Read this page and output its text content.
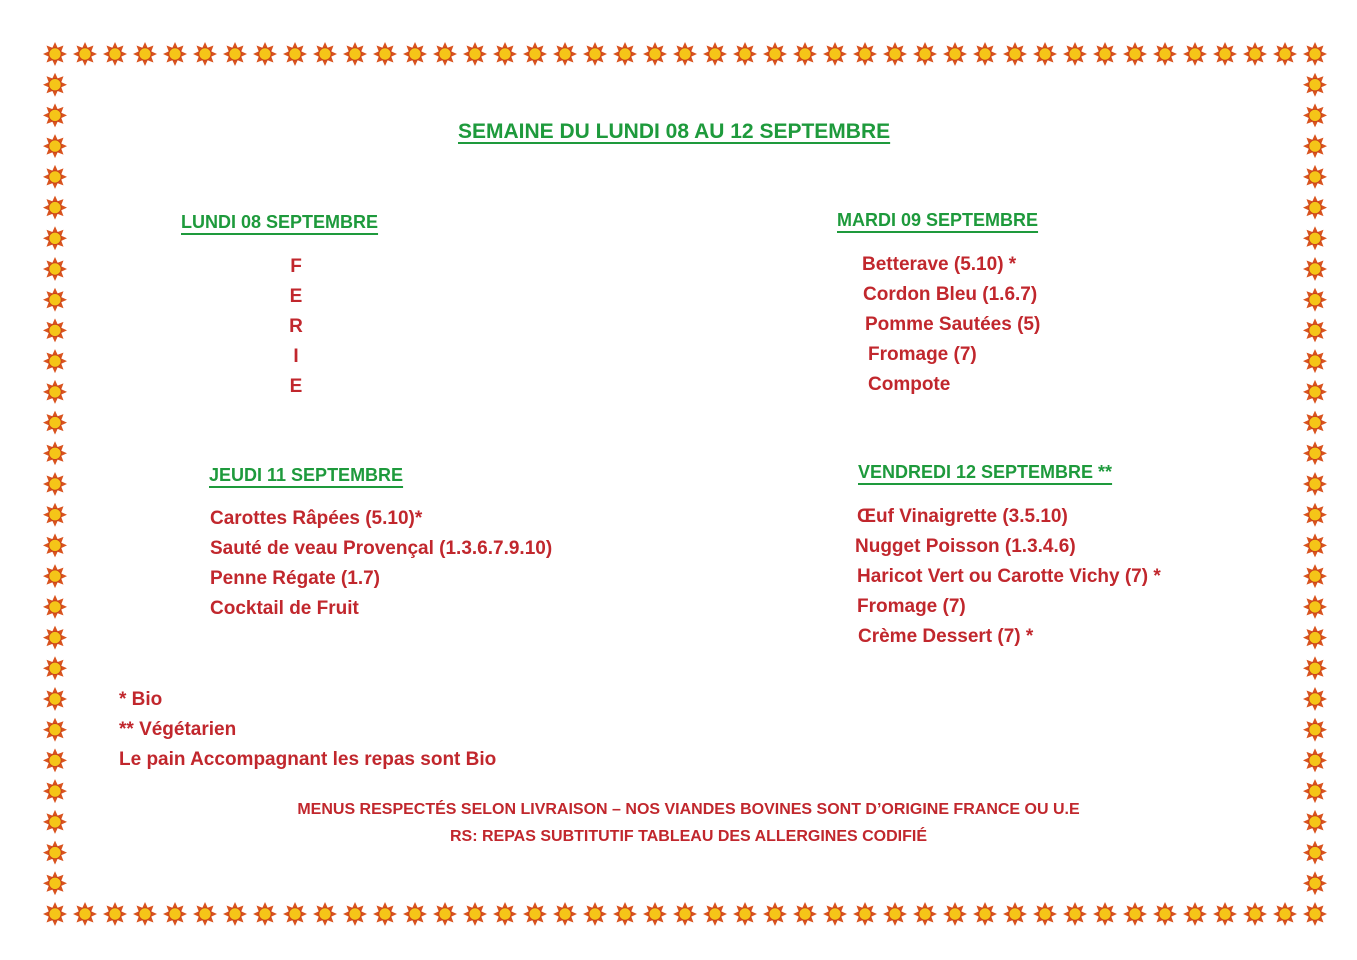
SEMAINE DU LUNDI 08 AU 12 SEPTEMBRE
LUNDI 08 SEPTEMBRE
F
E
R
I
E
MARDI 09 SEPTEMBRE
Betterave (5.10) *
Cordon Bleu (1.6.7)
Pomme Sautées (5)
Fromage (7)
Compote
JEUDI 11 SEPTEMBRE
Carottes Râpées (5.10)*
Sauté de veau Provençal (1.3.6.7.9.10)
Penne Régate (1.7)
Cocktail de Fruit
VENDREDI 12 SEPTEMBRE **
Œuf Vinaigrette (3.5.10)
Nugget Poisson (1.3.4.6)
Haricot Vert ou Carotte Vichy (7) *
Fromage (7)
Crème Dessert (7) *
* Bio
** Végétarien
Le pain Accompagnant les repas sont Bio
MENUS RESPECTÉS SELON LIVRAISON – NOS VIANDES BOVINES SONT D’ORIGINE FRANCE OU U.E
RS: REPAS SUBTITUTIF TABLEAU DES ALLERGINES CODIFIÉ
